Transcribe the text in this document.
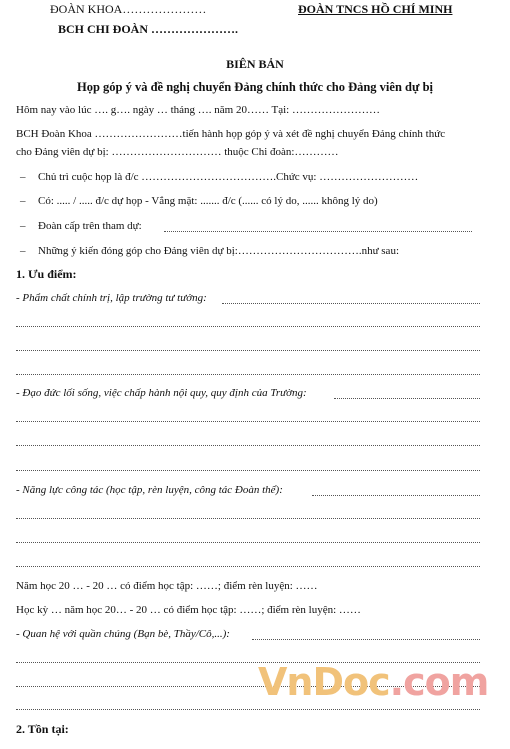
ĐOÀN KHOA…………………
BCH CHI ĐOÀN ………………….
ĐOÀN TNCS HỒ CHÍ MINH
BIÊN BẢN
Họp góp ý và đề nghị chuyển Đảng chính thức cho Đảng viên dự bị
Hôm nay vào lúc …. g…. ngày … tháng …. năm 20…… Tại: ……………………
BCH Đoàn Khoa ……………………tiến hành họp góp ý và xét đề nghị chuyển Đảng chính thức
cho Đảng viên dự bị: ………………………… thuộc Chi đoàn:…………
– Chủ trì cuộc họp là đ/c ……………………………….Chức vụ: ………………………
– Có: ..... / ..... đ/c dự họp - Vắng mặt: ....... đ/c (...... có lý do, ...... không lý do)
– Đoàn cấp trên tham dự:
– Những ý kiến đóng góp cho Đảng viên dự bị:…………………………….như sau:
1. Ưu điểm:
- Phẩm chất chính trị, lập trường tư tưởng:
- Đạo đức lối sống, việc chấp hành nội quy, quy định của Trường:
- Năng lực công tác (học tập, rèn luyện, công tác Đoàn thể):
Năm học 20 … - 20 … có điểm học tập: ……; điểm rèn luyện: ……
Học kỳ … năm học 20… - 20 … có điểm học tập: ……; điểm rèn luyện: ……
- Quan hệ với quần chúng (Bạn bè, Thầy/Cô,...):
2. Tồn tại:
VnDoc.com
